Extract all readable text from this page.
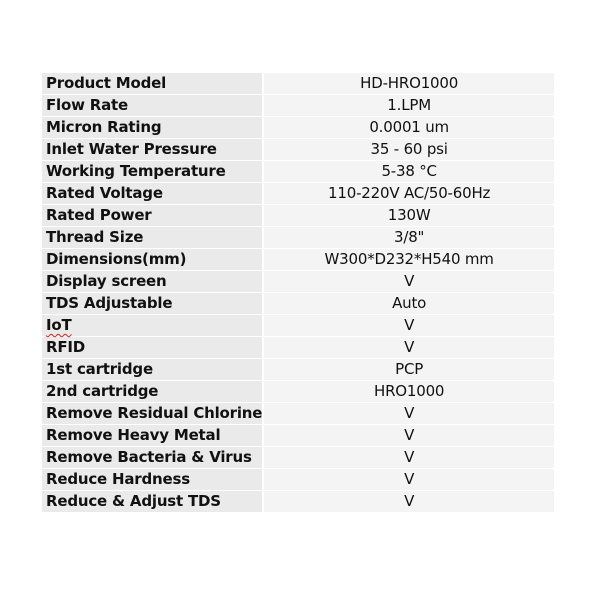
Product Model	HD-HRO1000
Flow Rate	1.LPM
Micron Rating	0.0001 um
Inlet Water Pressure	35 - 60 psi
Working Temperature	5-38 °C
Rated Voltage	110-220V AC/50-60Hz
Rated Power	130W
Thread Size	3/8"
Dimensions(mm)	W300*D232*H540 mm
Display screen	V
TDS Adjustable	Auto
IoT	V
RFID	V
1st cartridge	PCP
2nd cartridge	HRO1000
Remove Residual Chlorine	V
Remove Heavy Metal	V
Remove Bacteria & Virus	V
Reduce Hardness	V
Reduce & Adjust TDS	V
